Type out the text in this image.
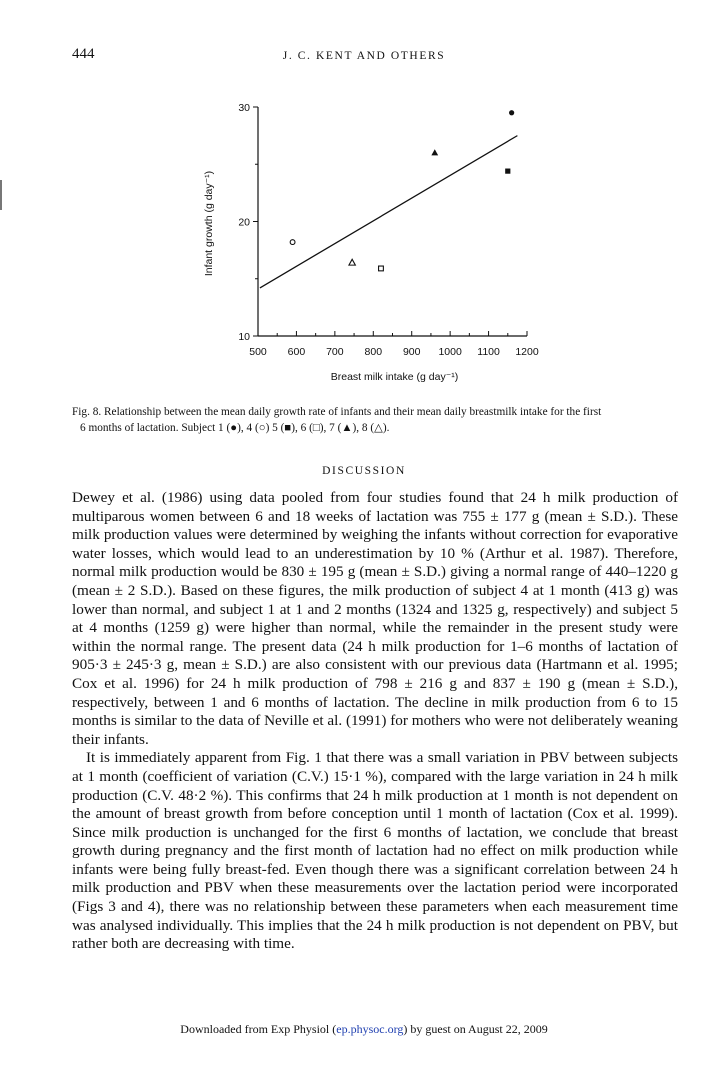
444	J. C. KENT AND OTHERS
500 600 700 800 900 1000 1100 1200
10
20
30
Breast milk intake (g day⁻¹)
Infant growth (g day⁻¹)
Fig. 8. Relationship between the mean daily growth rate of infants and their mean daily breastmilk intake for the first
6 months of lactation. Subject 1 (●), 4 (○) 5 (■), 6 (□), 7 (▲), 8 (△).
DISCUSSION

Dewey et al. (1986) using data pooled from four studies found that 24 h milk production of multiparous women between 6 and 18 weeks of lactation was 755 ± 177 g (mean ± S.D.). These milk production values were determined by weighing the infants without correction for evaporative water losses, which would lead to an underestimation by 10 % (Arthur et al. 1987). Therefore, normal milk production would be 830 ± 195 g (mean ± S.D.) giving a normal range of 440–1220 g (mean ± 2 S.D.). Based on these figures, the milk production of subject 4 at 1 month (413 g) was lower than normal, and subject 1 at 1 and 2 months (1324 and 1325 g, respectively) and subject 5 at 4 months (1259 g) were higher than normal, while the remainder in the present study were within the normal range. The present data (24 h milk production for 1–6 months of lactation of 905·3 ± 245·3 g, mean ± S.D.) are also consistent with our previous data (Hartmann et al. 1995; Cox et al. 1996) for 24 h milk production of 798 ± 216 g and 837 ± 190 g (mean ± S.D.), respectively, between 1 and 6 months of lactation. The decline in milk production from 6 to 15 months is similar to the data of Neville et al. (1991) for mothers who were not deliberately weaning their infants.

It is immediately apparent from Fig. 1 that there was a small variation in PBV between subjects at 1 month (coefficient of variation (C.V.) 15·1 %), compared with the large variation in 24 h milk production (C.V. 48·2 %). This confirms that 24 h milk production at 1 month is not dependent on the amount of breast growth from before conception until 1 month of lactation (Cox et al. 1999). Since milk production is unchanged for the first 6 months of lactation, we conclude that breast growth during pregnancy and the first month of lactation had no effect on milk production while infants were being fully breast-fed. Even though there was a significant correlation between 24 h milk production and PBV when these measurements over the lactation period were incorporated (Figs 3 and 4), there was no relationship between these parameters when each measurement time was analysed individually. This implies that the 24 h milk production is not dependent on PBV, but rather both are decreasing with time.

Downloaded from Exp Physiol (ep.physoc.org) by guest on August 22, 2009
